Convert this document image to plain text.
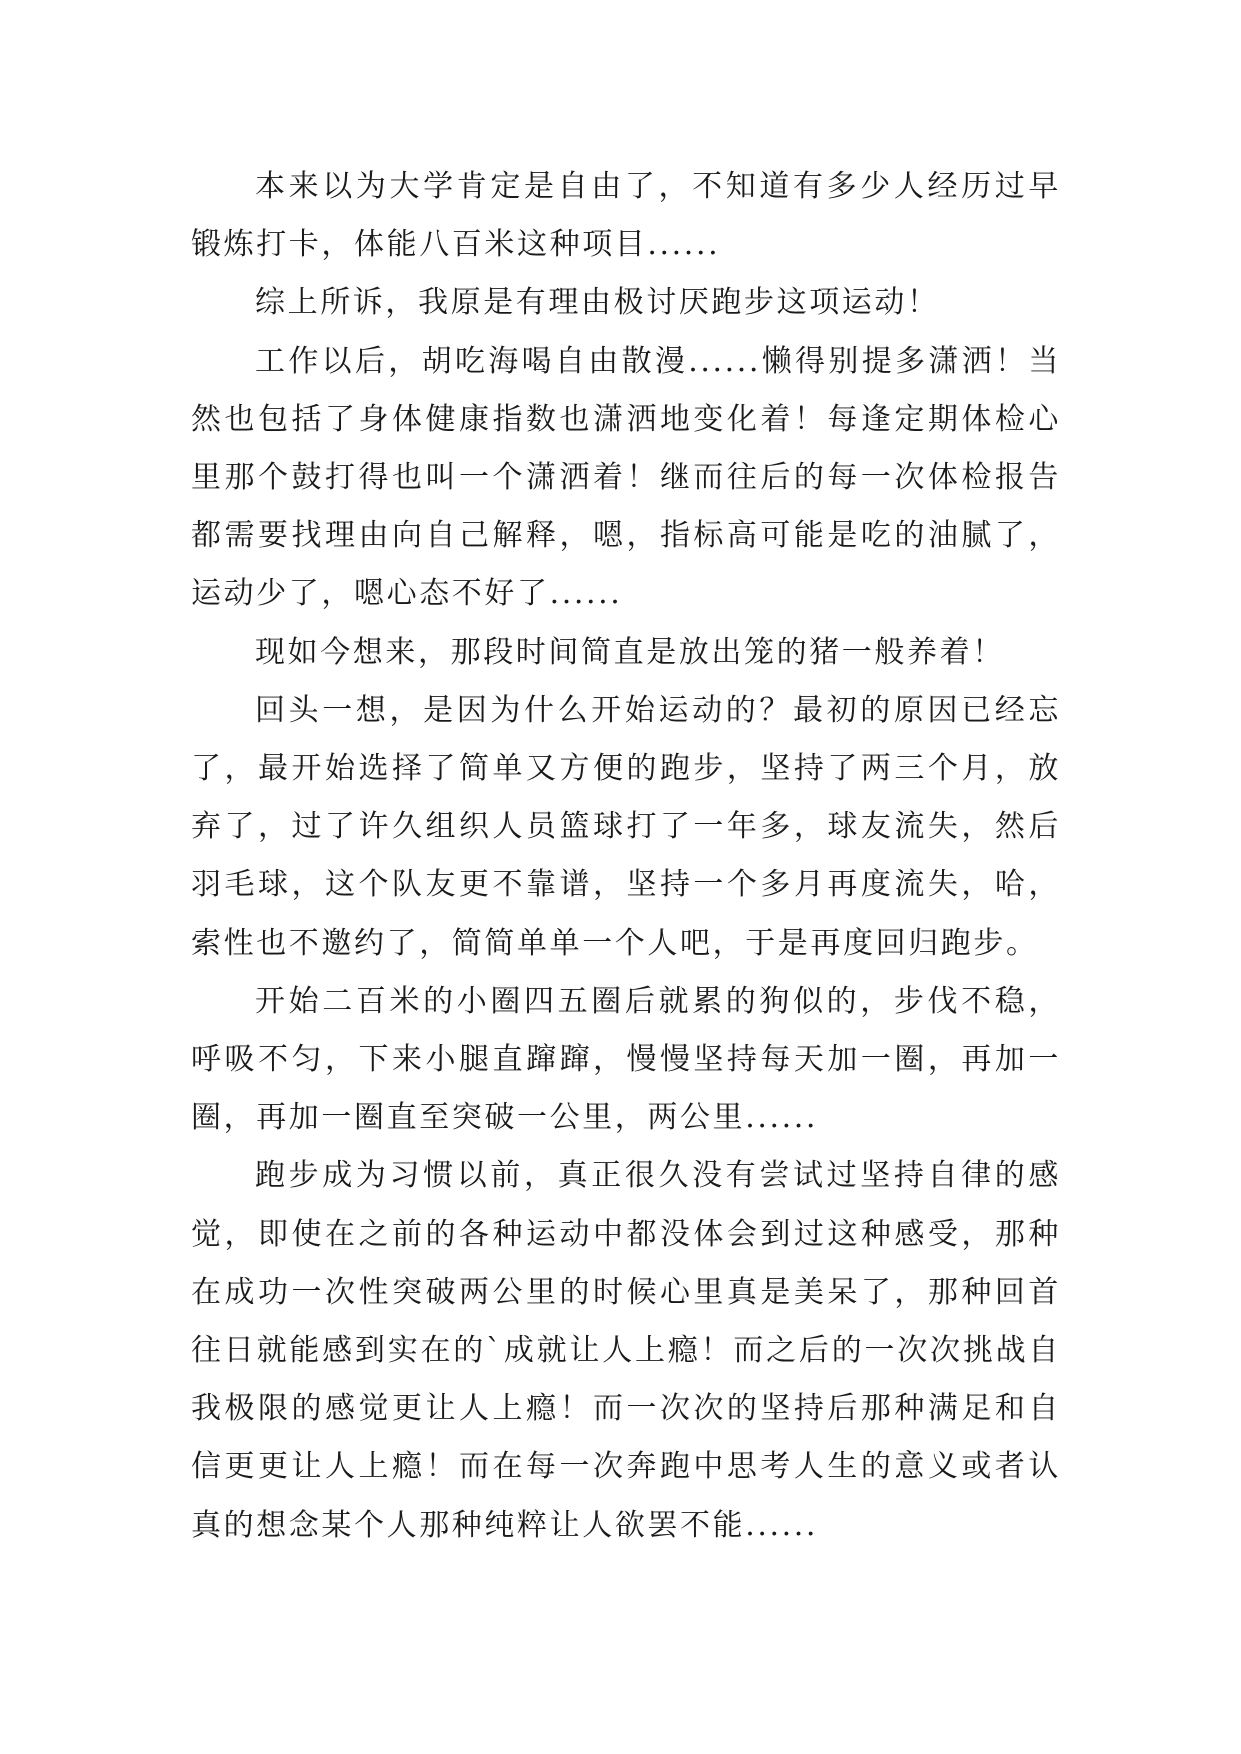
本来以为大学肯定是自由了，不知道有多少人经历过早锻炼打卡，体能八百米这种项目......

综上所诉，我原是有理由极讨厌跑步这项运动！

工作以后，胡吃海喝自由散漫......懒得别提多潇洒！当然也包括了身体健康指数也潇洒地变化着！每逢定期体检心里那个鼓打得也叫一个潇洒着！继而往后的每一次体检报告都需要找理由向自己解释，嗯，指标高可能是吃的油腻了，运动少了，嗯心态不好了......

现如今想来，那段时间简直是放出笼的猪一般养着！

回头一想，是因为什么开始运动的？最初的原因已经忘了，最开始选择了简单又方便的跑步，坚持了两三个月，放弃了，过了许久组织人员篮球打了一年多，球友流失，然后羽毛球，这个队友更不靠谱，坚持一个多月再度流失，哈，索性也不邀约了，简简单单一个人吧，于是再度回归跑步。

开始二百米的小圈四五圈后就累的狗似的，步伐不稳，呼吸不匀，下来小腿直蹿蹿，慢慢坚持每天加一圈，再加一圈，再加一圈直至突破一公里，两公里......

跑步成为习惯以前，真正很久没有尝试过坚持自律的感觉，即使在之前的各种运动中都没体会到过这种感受，那种在成功一次性突破两公里的时候心里真是美呆了，那种回首往日就能感到实在的`成就让人上瘾！而之后的一次次挑战自我极限的感觉更让人上瘾！而一次次的坚持后那种满足和自信更更让人上瘾！而在每一次奔跑中思考人生的意义或者认真的想念某个人那种纯粹让人欲罢不能......
